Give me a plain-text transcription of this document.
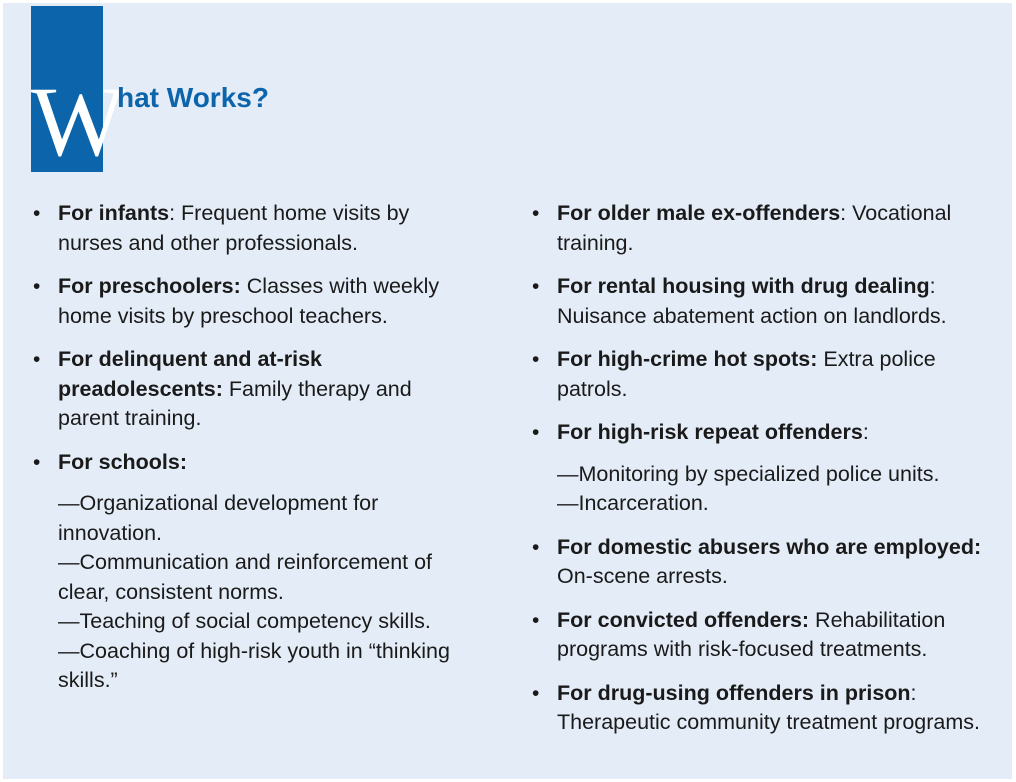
W
hat Works?
• For infants: Frequent home visits by nurses and other professionals.
• For preschoolers: Classes with weekly home visits by preschool teachers.
• For delinquent and at-risk preadolescents: Family therapy and parent training.
• For schools:
—Organizational development for innovation.
—Communication and reinforcement of clear, consistent norms.
—Teaching of social competency skills.
—Coaching of high-risk youth in “thinking skills.”
• For older male ex-offenders: Vocational training.
• For rental housing with drug dealing: Nuisance abatement action on landlords.
• For high-crime hot spots: Extra police patrols.
• For high-risk repeat offenders:
—Monitoring by specialized police units.
—Incarceration.
• For domestic abusers who are employed: On-scene arrests.
• For convicted offenders: Rehabilitation programs with risk-focused treatments.
• For drug-using offenders in prison: Therapeutic community treatment programs.
